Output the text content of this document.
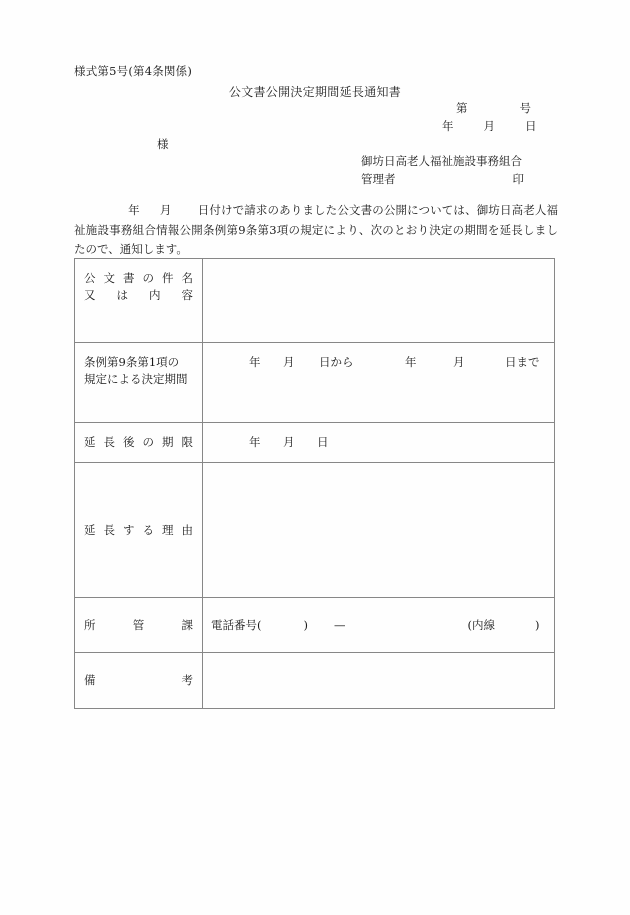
様式第5号(第4条関係)
公文書公開決定期間延長通知書
第	号
年	月	日
様
御坊日高老人福祉施設事務組合
管理者	印
年 月 日付けで請求のありました公文書の公開については、御坊日高老人福祉施設事務組合情報公開条例第9条第3項の規定により、次のとおり決定の期間を延長しましたので、通知します。
公 文 書 の 件 名
又 は 内 容

条例第9条第1項の
規定による決定期間	年 月 日から 年 月 日まで

延 長 後 の 期 限	年 月 日

延 長 す る 理 由

所 管 課	電話番号( ) — (内線 )

備 考	
